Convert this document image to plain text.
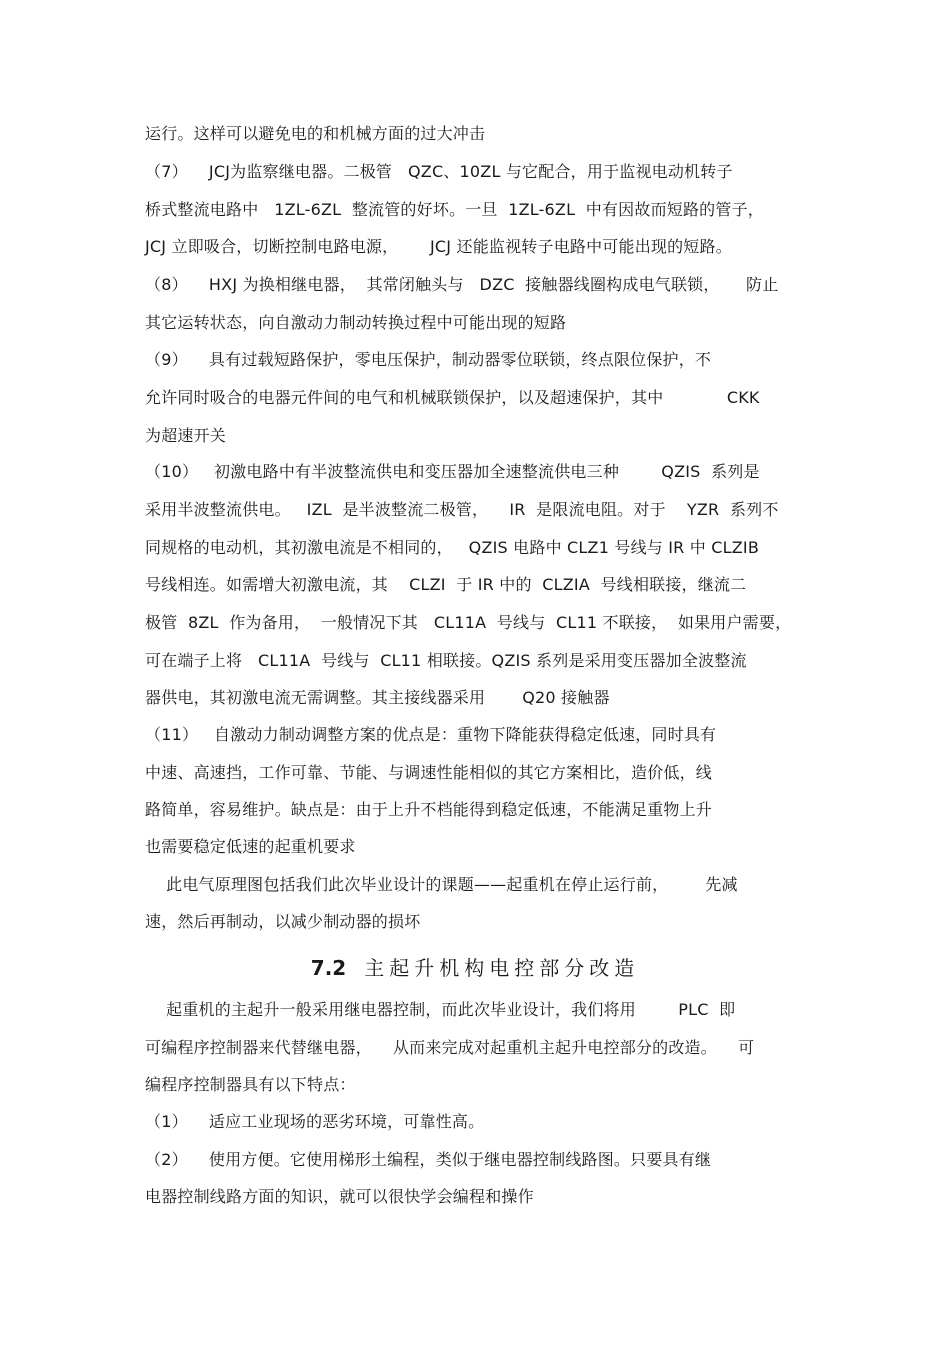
运行。这样可以避免电的和机械方面的过大冲击
（7）    JCJ为监察继电器。二极管   QZC、10ZL 与它配合，用于监视电动机转子
桥式整流电路中   1ZL-6ZL  整流管的好坏。一旦  1ZL-6ZL  中有因故而短路的管子，
JCJ 立即吸合，切断控制电路电源，      JCJ 还能监视转子电路中可能出现的短路。
（8）    HXJ 为换相继电器，  其常闭触头与   DZC  接触器线圈构成电气联锁，     防止
其它运转状态，向自激动力制动转换过程中可能出现的短路
（9）    具有过载短路保护，零电压保护，制动器零位联锁，终点限位保护，不
允许同时吸合的电器元件间的电气和机械联锁保护，以及超速保护，其中            CKK
为超速开关
（10）   初激电路中有半波整流供电和变压器加全速整流供电三种        QZIS  系列是
采用半波整流供电。   IZL  是半波整流二极管，    IR  是限流电阻。对于    YZR  系列不
同规格的电动机，其初激电流是不相同的，   QZIS 电路中 CLZ1 号线与 IR 中 CLZIB
号线相连。如需增大初激电流，其    CLZI  于 IR 中的  CLZIA  号线相联接，继流二
极管  8ZL  作为备用，  一般情况下其   CL11A  号线与  CL11 不联接，  如果用户需要，
可在端子上将   CL11A  号线与  CL11 相联接。QZIS 系列是采用变压器加全波整流
器供电，其初激电流无需调整。其主接线器采用       Q20 接触器
（11）   自激动力制动调整方案的优点是：重物下降能获得稳定低速，同时具有
中速、高速挡，工作可靠、节能、与调速性能相似的其它方案相比，造价低，线
路简单，容易维护。缺点是：由于上升不档能得到稳定低速，不能满足重物上升
也需要稳定低速的起重机要求
此电气原理图包括我们此次毕业设计的课题——起重机在停止运行前，       先减
速，然后再制动，以减少制动器的损坏
7.2 主起升机构电控部分改造
起重机的主起升一般采用继电器控制，而此次毕业设计，我们将用        PLC  即
可编程序控制器来代替继电器，    从而来完成对起重机主起升电控部分的改造。    可
编程序控制器具有以下特点：
（1）    适应工业现场的恶劣环境，可靠性高。
（2）    使用方便。它使用梯形土编程，类似于继电器控制线路图。只要具有继
电器控制线路方面的知识，就可以很快学会编程和操作
